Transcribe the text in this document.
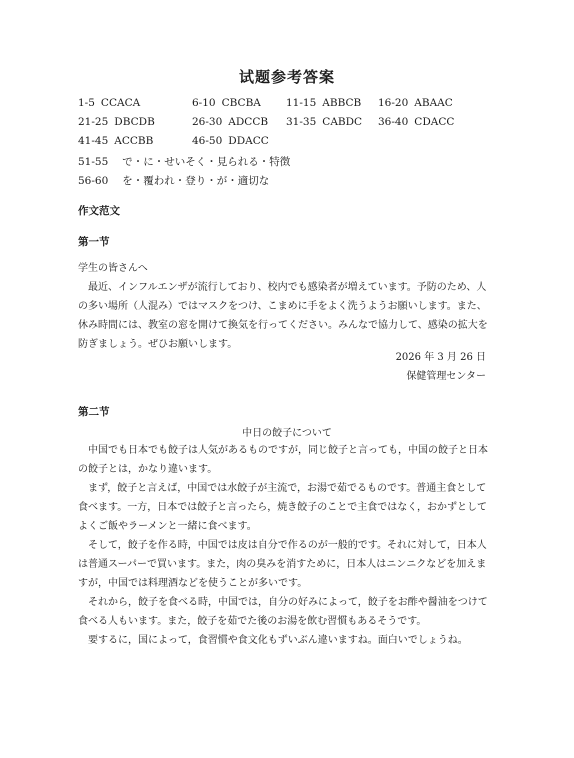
试题参考答案
1-5 CCACA	6-10 CBCBA 11-15 ABBCB 16-20 ABAAC
21-25 DBCDB	26-30 ADCCB 31-35 CABDC 36-40 CDACC
41-45 ACCBB	46-50 DDACC
51-55 で・に・せいそく・見られる・特徴
56-60 を・覆われ・登り・が・適切な
作文范文
第一节

学生の皆さんへ

最近、インフルエンザが流行しており、校内でも感染者が増えています。予防のため、人の多い場所（人混み）ではマスクをつけ、こまめに手をよく洗うようお願いします。また、休み時間には、教室の窓を開けて換気を行ってください。みんなで協力して、感染の拡大を防ぎましょう。ぜひお願いします。

2026 年 3 月 26 日
保健管理センター
第二节
中日の餃子について

中国でも日本でも餃子は人気があるものですが，同じ餃子と言っても，中国の餃子と日本の餃子とは，かなり違います。

まず，餃子と言えば，中国では水餃子が主流で，お湯で茹でるものです。普通主食として食べます。一方，日本では餃子と言ったら，焼き餃子のことで主食ではなく，おかずとしてよくご飯やラーメンと一緒に食べます。

そして，餃子を作る時，中国では皮は自分で作るのが一般的です。それに対して，日本人は普通スーパーで買います。また，肉の臭みを消すために，日本人はニンニクなどを加えますが，中国では料理酒などを使うことが多いです。

それから，餃子を食べる時，中国では，自分の好みによって，餃子をお酢や醤油をつけて食べる人もいます。また，餃子を茹でた後のお湯を飲む習慣もあるそうです。

要するに，国によって，食習慣や食文化もずいぶん違いますね。面白いでしょうね。
